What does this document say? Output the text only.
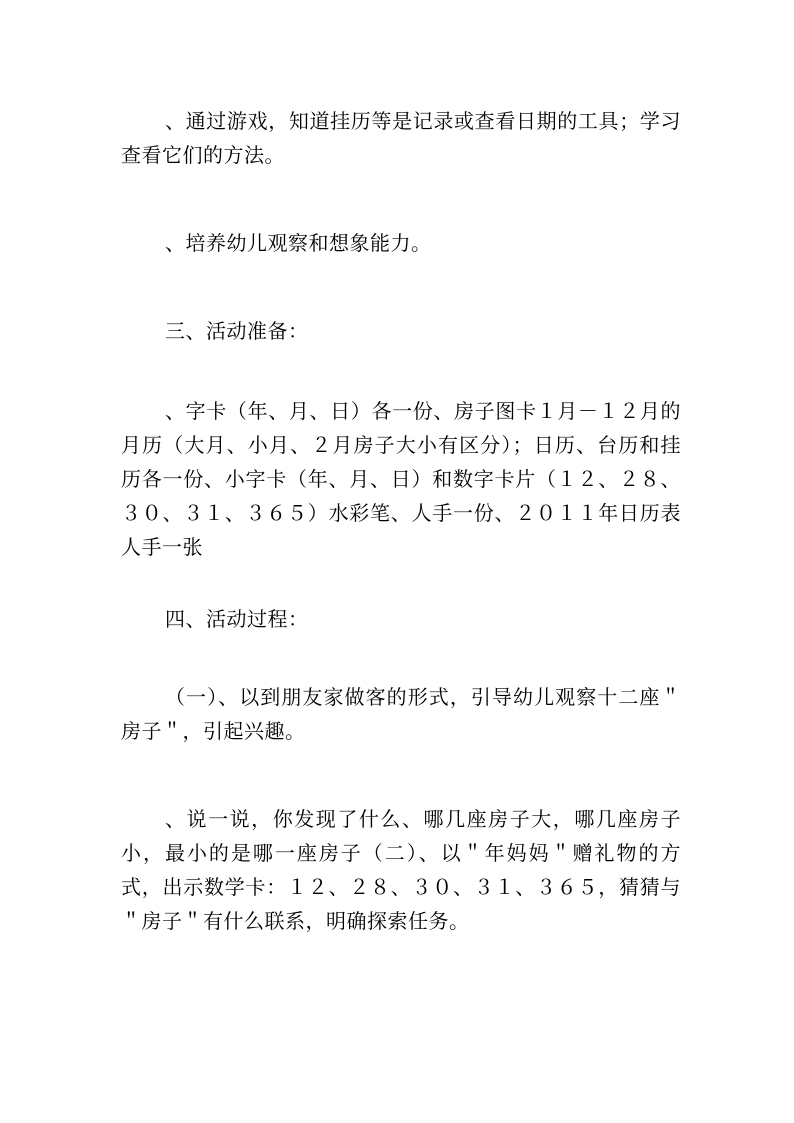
、通过游戏，知道挂历等是记录或查看日期的工具；学习查看它们的方法。

、培养幼儿观察和想象能力。

三、活动准备：

、字卡（年、月、日）各一份、房子图卡１月－１２月的月历（大月、小月、２月房子大小有区分）；日历、台历和挂历各一份、小字卡（年、月、日）和数字卡片（１２、２８、３０、３１、３６５）水彩笔、人手一份、２０１１年日历表人手一张

四、活动过程：

（一）、以到朋友家做客的形式，引导幼儿观察十二座＂房子＂，引起兴趣。

、说一说，你发现了什么、哪几座房子大，哪几座房子小，最小的是哪一座房子（二）、以＂年妈妈＂赠礼物的方式，出示数学卡：１２、２８、３０、３１、３６５，猜猜与＂房子＂有什么联系，明确探索任务。
